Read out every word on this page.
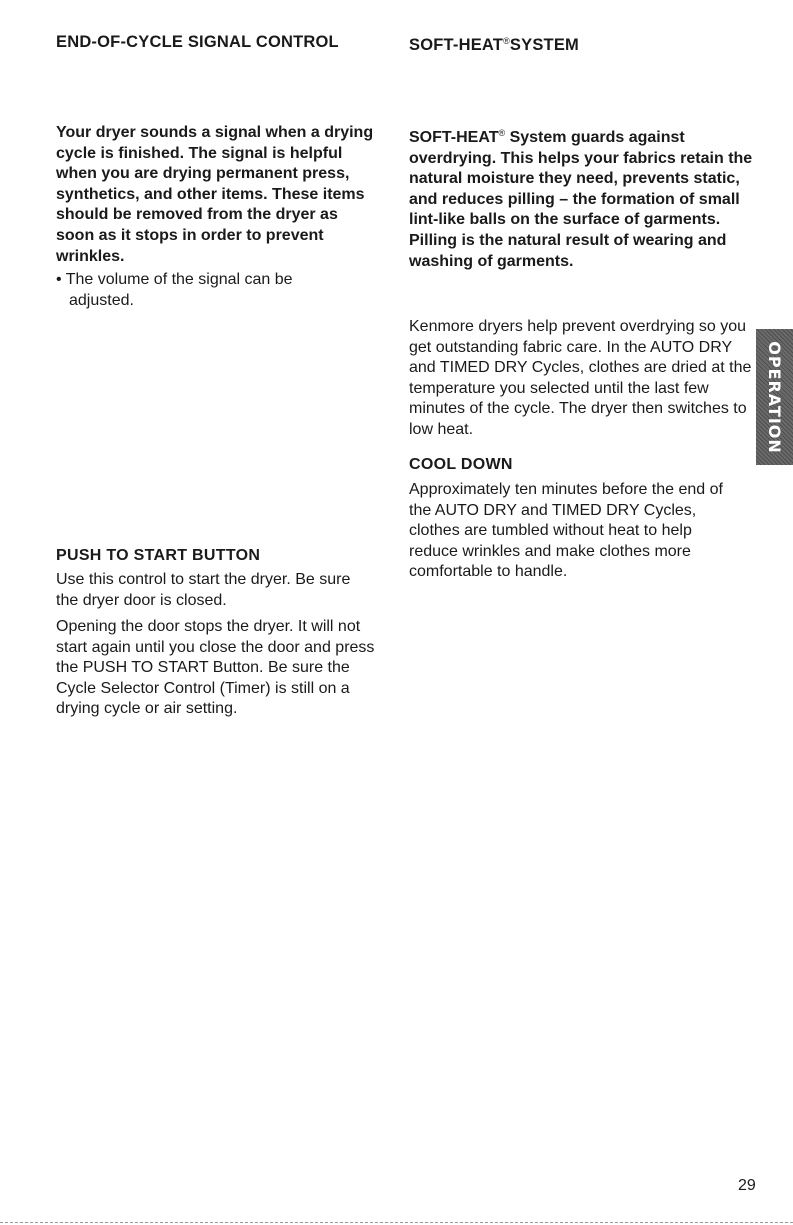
END-OF-CYCLE SIGNAL CONTROL

Your dryer sounds a signal when a drying cycle is finished. The signal is helpful when you are drying permanent press, synthetics, and other items. These items should be removed from the dryer as soon as it stops in order to prevent wrinkles.

• The volume of the signal can be adjusted.

PUSH TO START BUTTON

Use this control to start the dryer. Be sure the dryer door is closed.

Opening the door stops the dryer. It will not start again until you close the door and press the PUSH TO START Button. Be sure the Cycle Selector Control (Timer) is still on a drying cycle or air setting.

SOFT-HEAT®SYSTEM

SOFT-HEAT® System guards against overdrying. This helps your fabrics retain the natural moisture they need, prevents static, and reduces pilling – the formation of small lint-like balls on the surface of garments. Pilling is the natural result of wearing and washing of garments.

Kenmore dryers help prevent overdrying so you get outstanding fabric care. In the AUTO DRY and TIMED DRY Cycles, clothes are dried at the temperature you selected until the last few minutes of the cycle. The dryer then switches to low heat.

COOL DOWN

Approximately ten minutes before the end of the AUTO DRY and TIMED DRY Cycles, clothes are tumbled without heat to help reduce wrinkles and make clothes more comfortable to handle.

OPERATION
29
